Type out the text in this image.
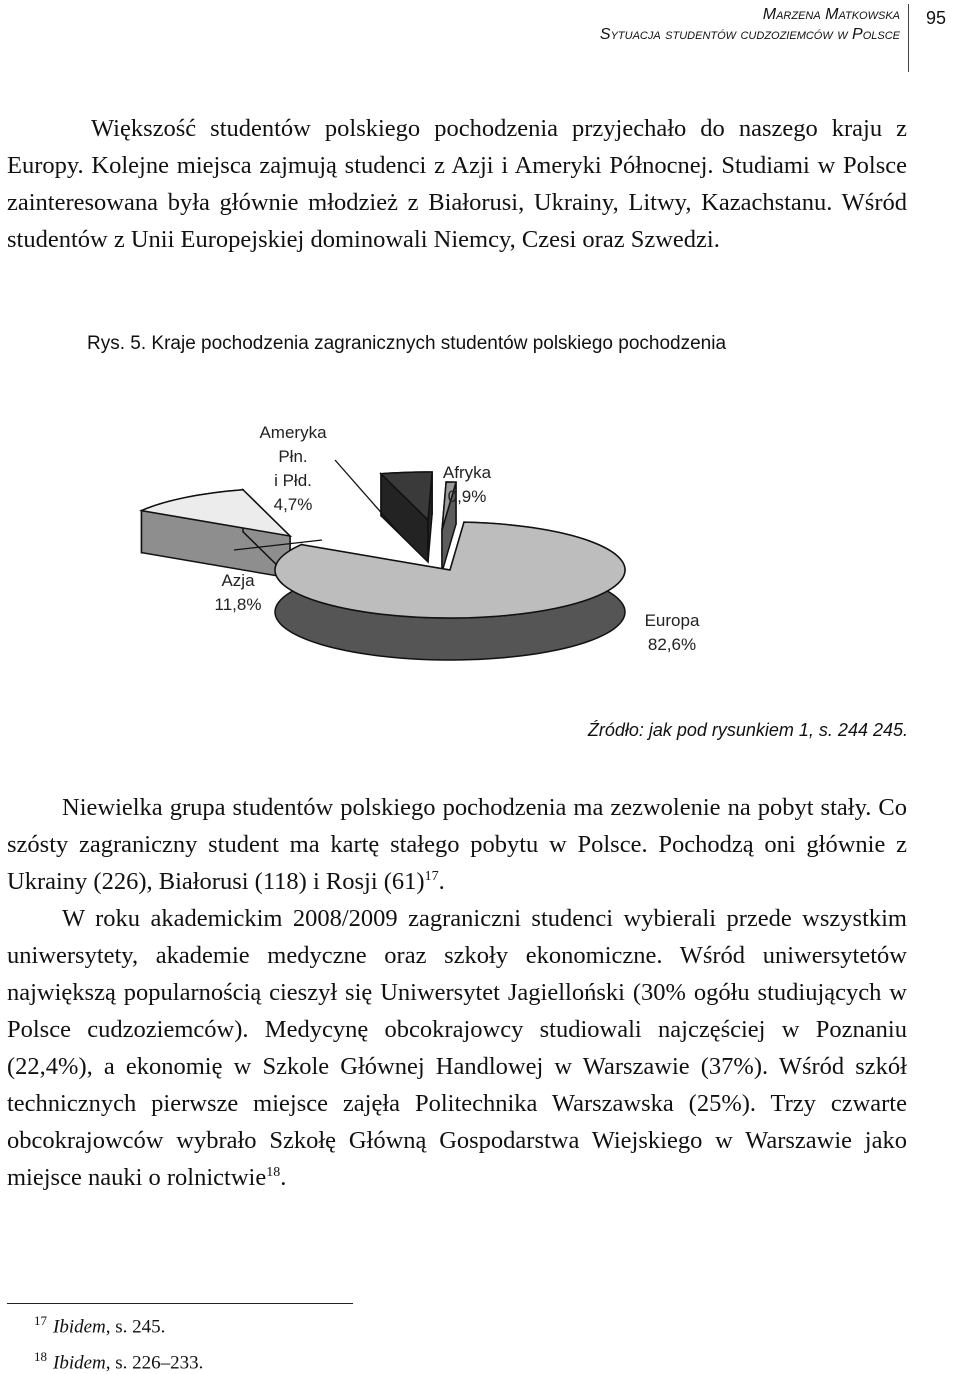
Marzena Matkowska
Sytuacja studentów cudzoziemców w Polsce
95

Większość studentów polskiego pochodzenia przyjechało do naszego kraju z Europy. Kolejne miejsca zajmują studenci z Azji i Ameryki Północnej. Studiami w Polsce zainteresowana była głównie młodzież z Białorusi, Ukrainy, Litwy, Kazachstanu. Wśród studentów z Unii Europejskiej dominowali Niemcy, Czesi oraz Szwedzi.

Rys. 5. Kraje pochodzenia zagranicznych studentów polskiego pochodzenia
Europa 82,6%
Azja 11,8%
Ameryka Płn. i Płd. 4,7%
Afryka 0,9%
Źródło: jak pod rysunkiem 1, s. 244 245.

Niewielka grupa studentów polskiego pochodzenia ma zezwolenie na pobyt stały. Co szósty zagraniczny student ma kartę stałego pobytu w Polsce. Pochodzą oni głównie z Ukrainy (226), Białorusi (118) i Rosji $(61)^{17}$.

W roku akademickim 2008/2009 zagraniczni studenci wybierali przede wszystkim uniwersytety, akademie medyczne oraz szkoły ekonomiczne. Wśród uniwersytetów największą popularnością cieszył się Uniwersytet Jagielloński (30% ogółu studiujących w Polsce cudzoziemców). Medycynę obcokrajowcy studiowali najczęściej w Poznaniu (22,4%), a ekonomię w Szkole Głównej Handlowej w Warszawie (37%). Wśród szkół technicznych pierwsze miejsce zajęła Politechnika Warszawska (25%). Trzy czwarte obcokrajowców wybrało Szkołę Główną Gospodarstwa Wiejskiego w Warszawie jako miejsce nauki o rolnictwie$^{18}$.

$^{17}$ Ibidem, s. 245.
$^{18}$ Ibidem, s. 226–233.
